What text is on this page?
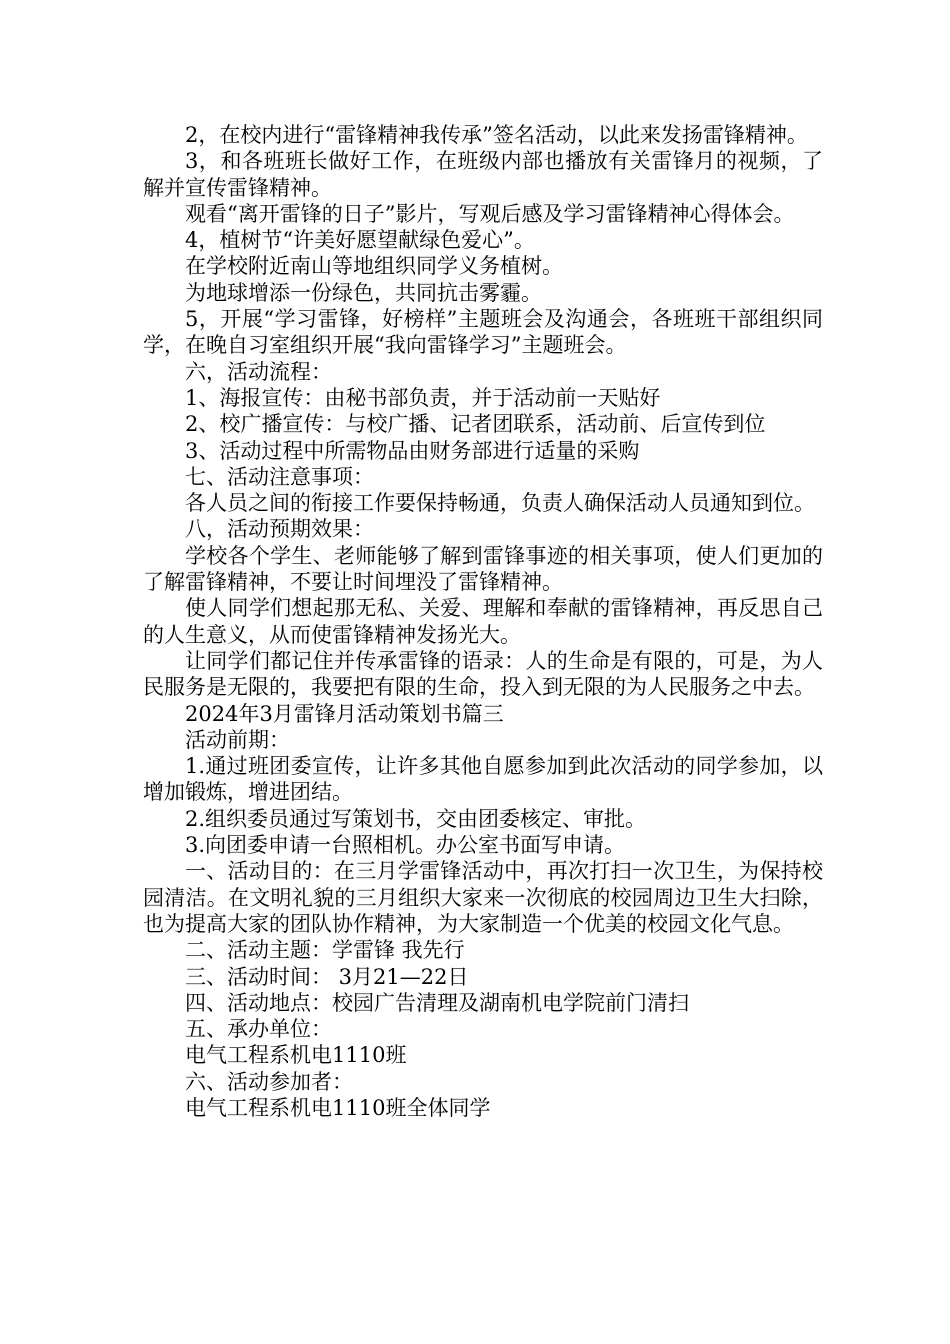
2，在校内进行“雷锋精神我传承”签名活动，以此来发扬雷锋精神。

3，和各班班长做好工作，在班级内部也播放有关雷锋月的视频，了解并宣传雷锋精神。

观看“离开雷锋的日子”影片，写观后感及学习雷锋精神心得体会。

4，植树节“许美好愿望献绿色爱心”。

在学校附近南山等地组织同学义务植树。

为地球增添一份绿色，共同抗击雾霾。

5，开展“学习雷锋，好榜样”主题班会及沟通会，各班班干部组织同学，在晚自习室组织开展“我向雷锋学习”主题班会。

六，活动流程：

1、海报宣传：由秘书部负责，并于活动前一天贴好

2、校广播宣传：与校广播、记者团联系，活动前、后宣传到位

3、活动过程中所需物品由财务部进行适量的采购

七、活动注意事项：

各人员之间的衔接工作要保持畅通，负责人确保活动人员通知到位。

八，活动预期效果：

学校各个学生、老师能够了解到雷锋事迹的相关事项，使人们更加的了解雷锋精神，不要让时间埋没了雷锋精神。

使人同学们想起那无私、关爱、理解和奉献的雷锋精神，再反思自己的人生意义，从而使雷锋精神发扬光大。

让同学们都记住并传承雷锋的语录：人的生命是有限的，可是，为人民服务是无限的，我要把有限的生命，投入到无限的为人民服务之中去。

2024年3月雷锋月活动策划书篇三

活动前期：

1.通过班团委宣传，让许多其他自愿参加到此次活动的同学参加，以增加锻炼，增进团结。

2.组织委员通过写策划书，交由团委核定、审批。

3.向团委申请一台照相机。办公室书面写申请。

一、活动目的：在三月学雷锋活动中，再次打扫一次卫生，为保持校园清洁。在文明礼貌的三月组织大家来一次彻底的校园周边卫生大扫除，也为提高大家的团队协作精神，为大家制造一个优美的校园文化气息。

二、活动主题：学雷锋 我先行

三、活动时间： 3月21—22日

四、活动地点：校园广告清理及湖南机电学院前门清扫

五、承办单位：

电气工程系机电1110班

六、活动参加者：

电气工程系机电1110班全体同学
